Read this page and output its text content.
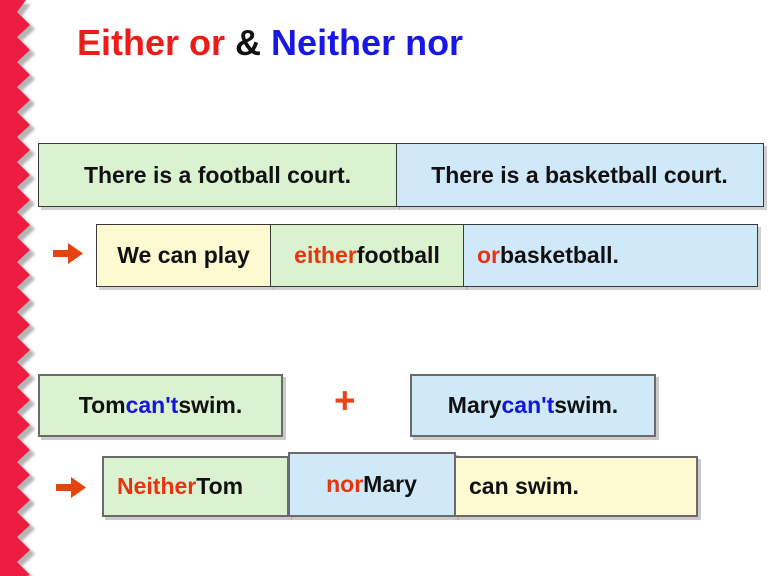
Either or & Neither nor
There is a football court.	There is a basketball court.
We can play either football or basketball.
Tom can't swim. +	Mary can't swim.
Neither Tom	nor Mary can swim.
